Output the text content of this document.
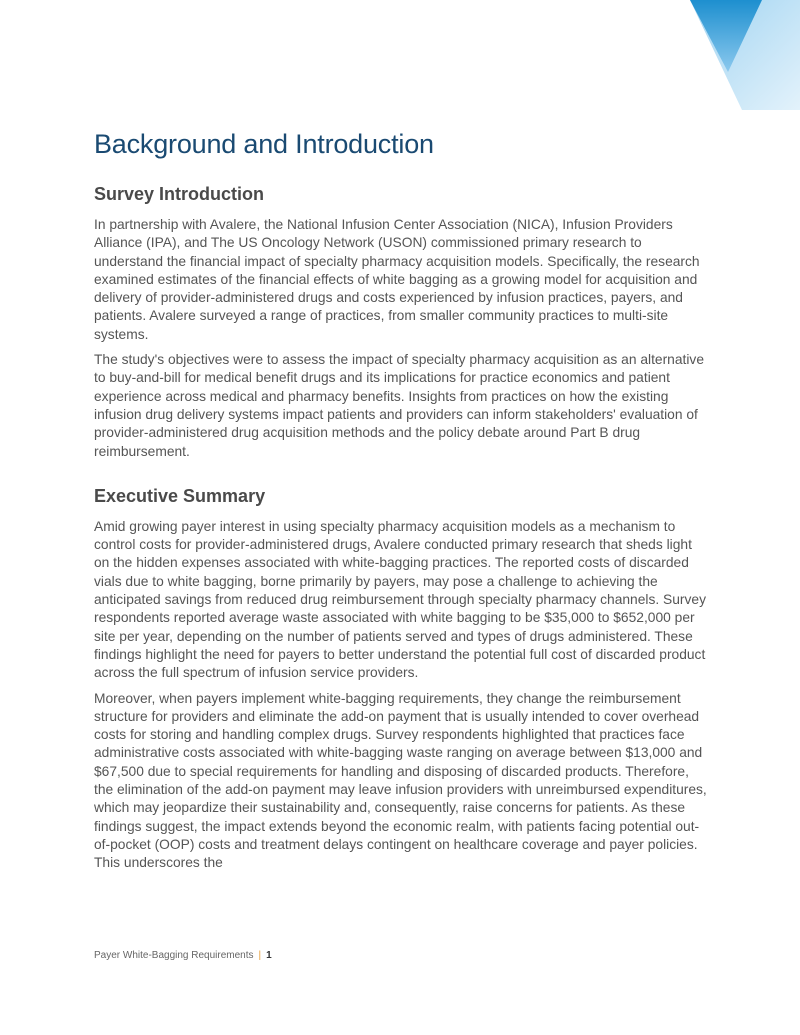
Background and Introduction
Survey Introduction

In partnership with Avalere, the National Infusion Center Association (NICA), Infusion Providers Alliance (IPA), and The US Oncology Network (USON) commissioned primary research to understand the financial impact of specialty pharmacy acquisition models. Specifically, the research examined estimates of the financial effects of white bagging as a growing model for acquisition and delivery of provider-administered drugs and costs experienced by infusion practices, payers, and patients. Avalere surveyed a range of practices, from smaller community practices to multi-site systems.

The study's objectives were to assess the impact of specialty pharmacy acquisition as an alternative to buy-and-bill for medical benefit drugs and its implications for practice economics and patient experience across medical and pharmacy benefits. Insights from practices on how the existing infusion drug delivery systems impact patients and providers can inform stakeholders' evaluation of provider-administered drug acquisition methods and the policy debate around Part B drug reimbursement.

Executive Summary

Amid growing payer interest in using specialty pharmacy acquisition models as a mechanism to control costs for provider-administered drugs, Avalere conducted primary research that sheds light on the hidden expenses associated with white-bagging practices. The reported costs of discarded vials due to white bagging, borne primarily by payers, may pose a challenge to achieving the anticipated savings from reduced drug reimbursement through specialty pharmacy channels. Survey respondents reported average waste associated with white bagging to be $35,000 to $652,000 per site per year, depending on the number of patients served and types of drugs administered. These findings highlight the need for payers to better understand the potential full cost of discarded product across the full spectrum of infusion service providers.

Moreover, when payers implement white-bagging requirements, they change the reimbursement structure for providers and eliminate the add-on payment that is usually intended to cover overhead costs for storing and handling complex drugs. Survey respondents highlighted that practices face administrative costs associated with white-bagging waste ranging on average between $13,000 and $67,500 due to special requirements for handling and disposing of discarded products. Therefore, the elimination of the add-on payment may leave infusion providers with unreimbursed expenditures, which may jeopardize their sustainability and, consequently, raise concerns for patients. As these findings suggest, the impact extends beyond the economic realm, with patients facing potential out-of-pocket (OOP) costs and treatment delays contingent on healthcare coverage and payer policies. This underscores the

Payer White-Bagging Requirements | 1
